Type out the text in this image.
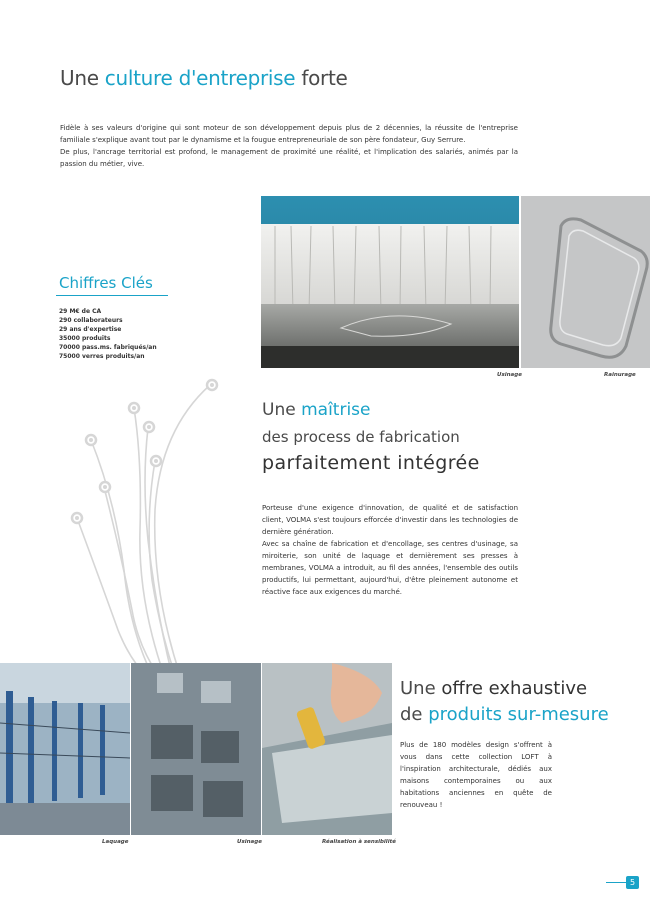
Une culture d'entreprise forte

Fidèle à ses valeurs d'origine qui sont moteur de son développement depuis plus de 2 décennies, la réussite de l'entreprise familiale s'explique avant tout par le dynamisme et la fougue entrepreneuriale de son père fondateur, Guy Serrure.

De plus, l'ancrage territorial est profond, le management de proximité une réalité, et l'implication des salariés, animés par la passion du métier, vive.

Chiffres Clés
29 M€ de CA
290 collaborateurs
29 ans d'expertise
35000 produits
70000 pass.ms. fabriqués/an
75000 verres produits/an
Usinage	Rainurage
Une maîtrise
des process de fabrication
parfaitement intégrée

Porteuse d'une exigence d'innovation, de qualité et de satisfaction client, VOLMA s'est toujours efforcée d'investir dans les technologies de dernière génération.

Avec sa chaîne de fabrication et d'encollage, ses centres d'usinage, sa miroiterie, son unité de laquage et dernièrement ses presses à membranes, VOLMA a introduit, au fil des années, l'ensemble des outils productifs, lui permettant, aujourd'hui, d'être pleinement autonome et réactive face aux exigences du marché.

Laquage	Usinage	Réalisation à sensibilité
Une offre exhaustive
de produits sur-mesure
Plus de 180 modèles design s'offrent à vous dans cette collection LOFT à l'inspiration architecturale, dédiés aux maisons contemporaines ou aux habitations anciennes en quête de renouveau !
5
